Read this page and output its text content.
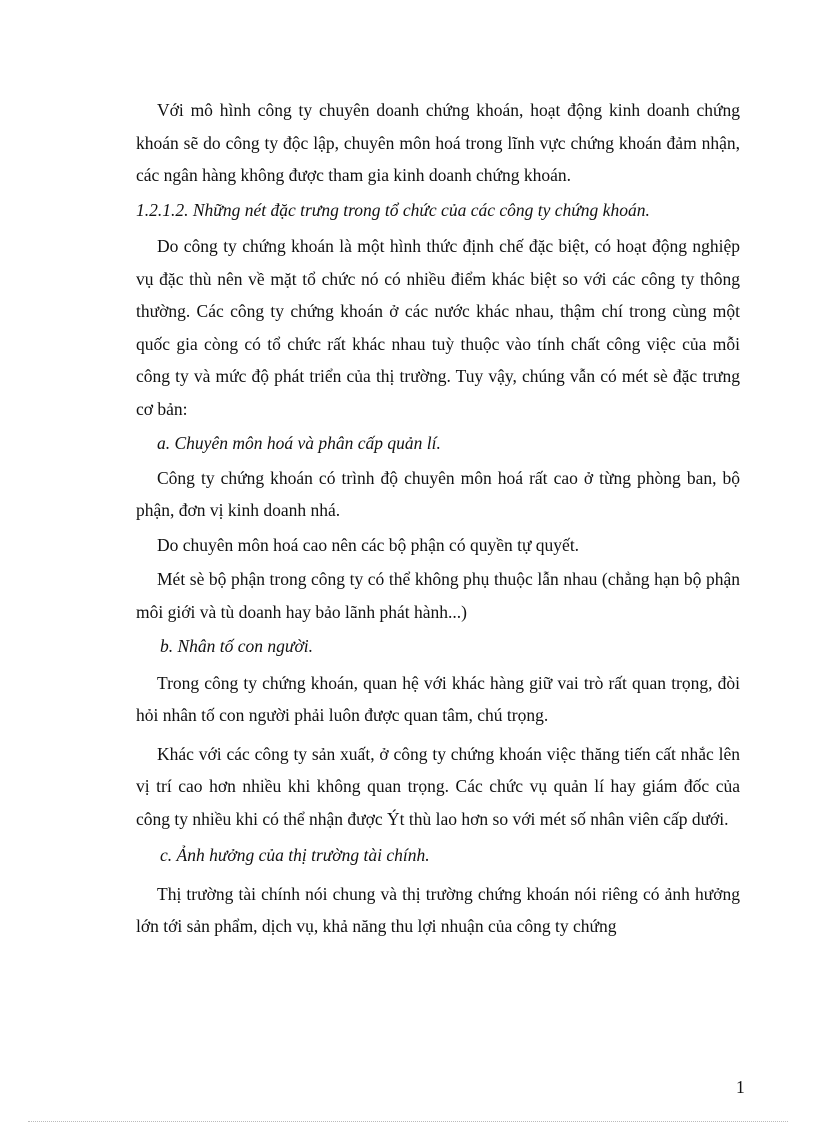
Với mô hình công ty chuyên doanh chứng khoán, hoạt động kinh doanh chứng khoán sẽ do công ty độc lập, chuyên môn hoá trong lĩnh vực chứng khoán đảm nhận, các ngân hàng không được tham gia kinh doanh chứng khoán.

1.2.1.2. Những nét đặc trưng trong tổ chức của các công ty chứng khoán.

Do công ty chứng khoán là một hình thức định chế đặc biệt, có hoạt động nghiệp vụ đặc thù nên về mặt tổ chức nó có nhiều điểm khác biệt so với các công ty thông thường. Các công ty chứng khoán ở các nước khác nhau, thậm chí trong cùng một quốc gia còng có tổ chức rất khác nhau tuỳ thuộc vào tính chất công việc của mỗi công ty và mức độ phát triển của thị trường. Tuy vậy, chúng vẫn có mét sè đặc trưng cơ bản:

a. Chuyên môn hoá và phân cấp quản lí.

Công ty chứng khoán có trình độ chuyên môn hoá rất cao ở từng phòng ban, bộ phận, đơn vị kinh doanh nhá.

Do chuyên môn hoá cao nên các bộ phận có quyền tự quyết.

Mét sè bộ phận trong công ty có thể không phụ thuộc lẫn nhau (chẳng hạn bộ phận môi giới và tù doanh hay bảo lãnh phát hành...)

b. Nhân tố con người.

Trong công ty chứng khoán, quan hệ với khác hàng giữ vai trò rất quan trọng, đòi hỏi nhân tố con người phải luôn được quan tâm, chú trọng.

Khác với các công ty sản xuất, ở công ty chứng khoán việc thăng tiến cất nhắc lên vị trí cao hơn nhiều khi không quan trọng. Các chức vụ quản lí hay giám đốc của công ty nhiều khi có thể nhận được Ýt thù lao hơn so với mét số nhân viên cấp dưới.

c. Ảnh hưởng của thị trường tài chính.

Thị trường tài chính nói chung và thị trường chứng khoán nói riêng có ảnh hưởng lớn tới sản phẩm, dịch vụ, khả năng thu lợi nhuận của công ty chứng

1
